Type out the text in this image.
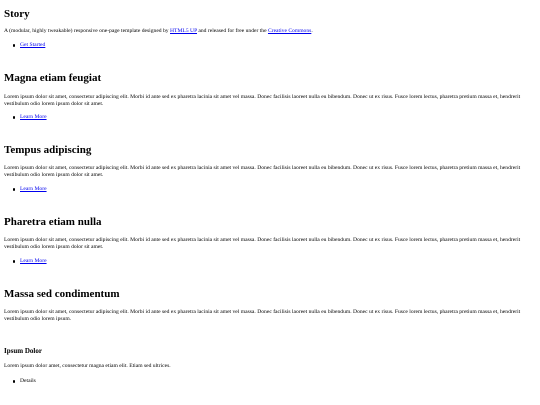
Story

A (modular, highly tweakable) responsive one-page template designed by HTML5 UP and released for free under the Creative Commons.

Get Started
Magna etiam feugiat

Lorem ipsum dolor sit amet, consectetur adipiscing elit. Morbi id ante sed ex pharetra lacinia sit amet vel massa. Donec facilisis laoreet nulla eu bibendum. Donec ut ex risus. Fusce lorem lectus, pharetra pretium massa et, hendrerit vestibulum odio lorem ipsum dolor sit amet.

Learn More
Tempus adipiscing

Lorem ipsum dolor sit amet, consectetur adipiscing elit. Morbi id ante sed ex pharetra lacinia sit amet vel massa. Donec facilisis laoreet nulla eu bibendum. Donec ut ex risus. Fusce lorem lectus, pharetra pretium massa et, hendrerit vestibulum odio lorem ipsum dolor sit amet.

Learn More
Pharetra etiam nulla

Lorem ipsum dolor sit amet, consectetur adipiscing elit. Morbi id ante sed ex pharetra lacinia sit amet vel massa. Donec facilisis laoreet nulla eu bibendum. Donec ut ex risus. Fusce lorem lectus, pharetra pretium massa et, hendrerit vestibulum odio lorem ipsum dolor sit amet.

Learn More
Massa sed condimentum

Lorem ipsum dolor sit amet, consectetur adipiscing elit. Morbi id ante sed ex pharetra lacinia sit amet vel massa. Donec facilisis laoreet nulla eu bibendum. Donec ut ex risus. Fusce lorem lectus, pharetra pretium massa et, hendrerit vestibulum odio lorem ipsum.

Ipsum Dolor

Lorem ipsum dolor amet, consectetur magna etiam elit. Etiam sed ultrices.

Details
